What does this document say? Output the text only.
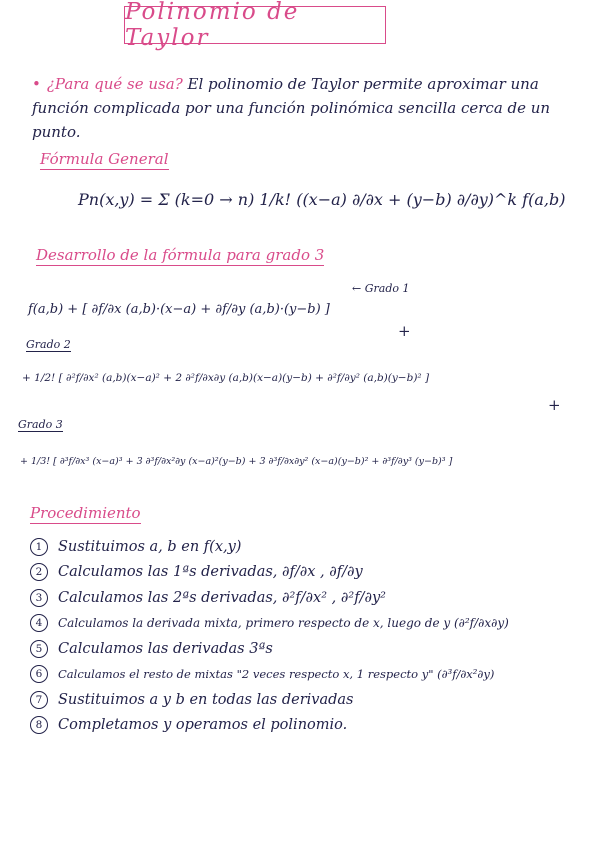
Polinomio de Taylor
• ¿Para qué se usa? El polinomio de Taylor permite aproximar una función complicada por una función polinómica sencilla cerca de un punto.
Fórmula General
Pn(x,y) = Σ (k=0 → n) 1/k! ((x−a) ∂/∂x + (y−b) ∂/∂y)^k f(a,b)
Desarrollo de la fórmula para grado 3
← Grado 1
f(a,b) + [ ∂f/∂x (a,b)·(x−a) + ∂f/∂y (a,b)·(y−b) ]
+
Grado 2
+ 1/2! [ ∂²f/∂x² (a,b)(x−a)² + 2 ∂²f/∂x∂y (a,b)(x−a)(y−b) + ∂²f/∂y² (a,b)(y−b)² ]
+
Grado 3
+ 1/3! [ ∂³f/∂x³ (x−a)³ + 3 ∂³f/∂x²∂y (x−a)²(y−b) + 3 ∂³f/∂x∂y² (x−a)(y−b)² + ∂³f/∂y³ (y−b)³ ]
Procedimiento
1	Sustituimos a, b en f(x,y)
2	Calculamos las 1ªs derivadas, ∂f/∂x , ∂f/∂y
3	Calculamos las 2ªs derivadas, ∂²f/∂x² , ∂²f/∂y²
4	Calculamos la derivada mixta, primero respecto de x, luego de y (∂²f/∂x∂y)
5	Calculamos las derivadas 3ªs
6	Calculamos el resto de mixtas "2 veces respecto x, 1 respecto y" (∂³f/∂x²∂y)
7	Sustituimos a y b en todas las derivadas
8	Completamos y operamos el polinomio.
